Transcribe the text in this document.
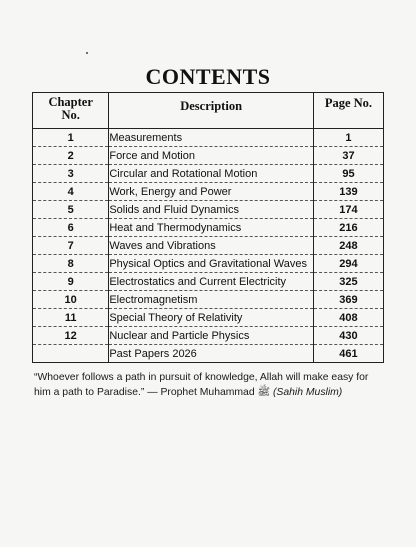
CONTENTS
Chapter
No.	Description	Page No.
1	Measurements	1
2	Force and Motion	37
3	Circular and Rotational Motion	95
4	Work, Energy and Power	139
5	Solids and Fluid Dynamics	174
6	Heat and Thermodynamics	216
7	Waves and Vibrations	248
8	Physical Optics and Gravitational Waves	294
9	Electrostatics and Current Electricity	325
10	Electromagnetism	369
11	Special Theory of Relativity	408
12	Nuclear and Particle Physics	430
	Past Papers 2026	461
“Whoever follows a path in pursuit of knowledge, Allah will make easy for him a path to Paradise.” — Prophet Muhammad ﷺ (Sahih Muslim)
